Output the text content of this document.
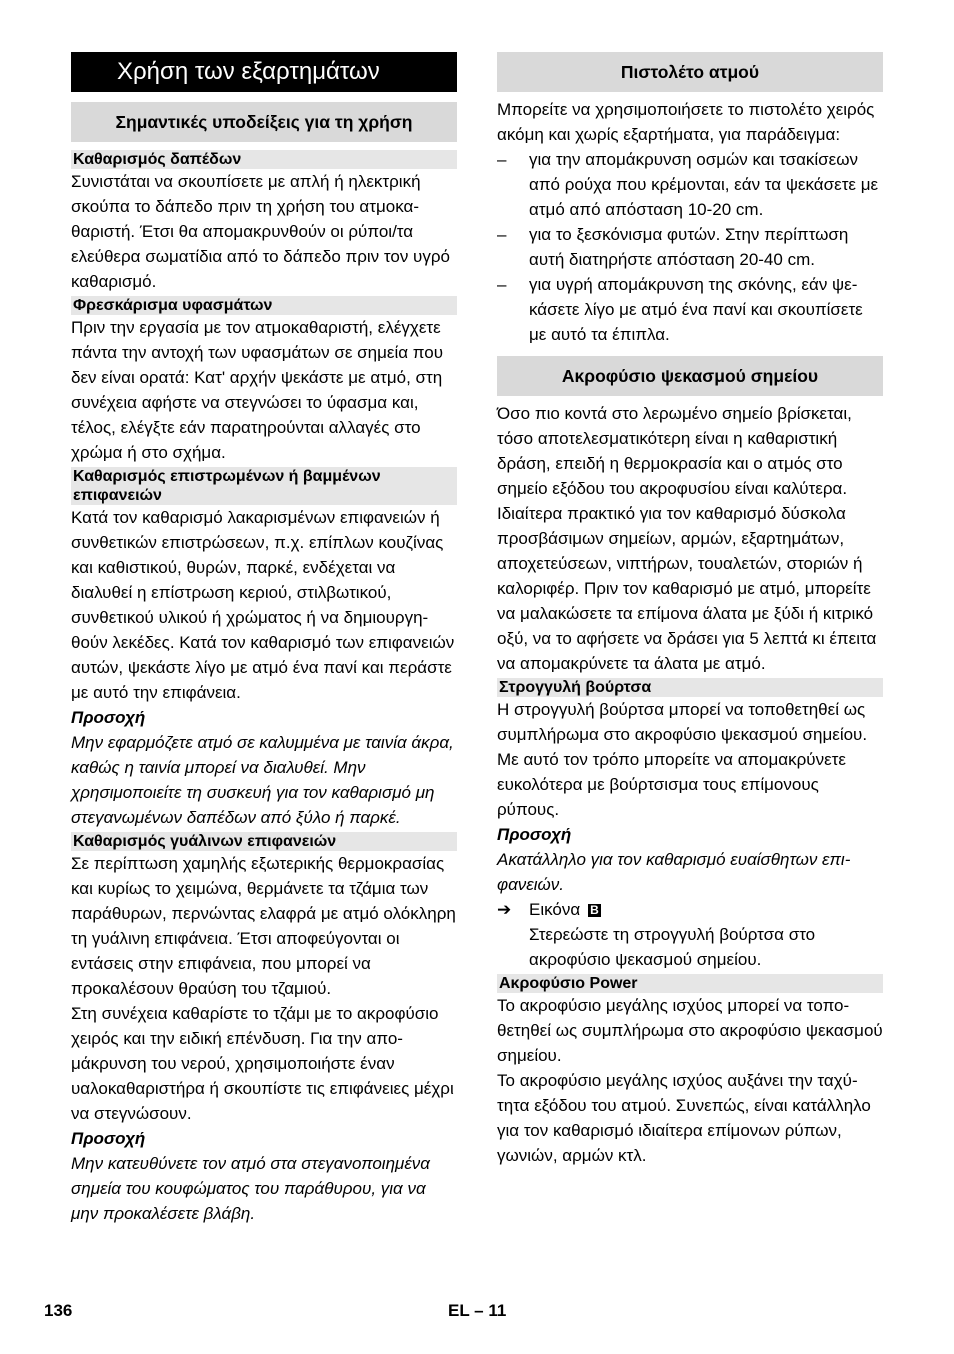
Χρήση των εξαρτημάτων
Σημαντικές υποδείξεις για τη χρήση
Καθαρισμός δαπέδων

Συνιστάται να σκουπίσετε με απλή ή ηλεκτρική σκούπα το δάπεδο πριν τη χρήση του ατμοκαθαριστή. Έτσι θα απομακρυνθούν οι ρύποι/τα ελεύθερα σωματίδια από το δάπεδο πριν τον υγρό καθαρισμό.

Φρεσκάρισμα υφασμάτων

Πριν την εργασία με τον ατμοκαθαριστή, ελέγχετε πάντα την αντοχή των υφασμάτων σε σημεία που δεν είναι ορατά: Κατ' αρχήν ψεκάστε με ατμό, στη συνέχεια αφήστε να στεγνώσει το ύφασμα και, τέλος, ελέγξτε εάν παρατηρούνται αλλαγές στο χρώμα ή στο σχήμα.

Καθαρισμός επιστρωμένων ή βαμμένων επιφανειών

Κατά τον καθαρισμό λακαρισμένων επιφανειών ή συνθετικών επιστρώσεων, π.χ. επίπλων κουζίνας και καθιστικού, θυρών, παρκέ, ενδέχεται να διαλυθεί η επίστρωση κεριού, στιλβωτικού, συνθετικού υλικού ή χρώματος ή να δημιουργηθούν λεκέδες. Κατά τον καθαρισμό των επιφανειών αυτών, ψεκάστε λίγο με ατμό ένα πανί και περάστε με αυτό την επιφάνεια.

Προσοχή

Μην εφαρμόζετε ατμό σε καλυμμένα με ταινία άκρα, καθώς η ταινία μπορεί να διαλυθεί. Μην χρησιμοποιείτε τη συσκευή για τον καθαρισμό μη στεγανωμένων δαπέδων από ξύλο ή παρκέ.

Καθαρισμός γυάλινων επιφανειών

Σε περίπτωση χαμηλής εξωτερικής θερμοκρασίας και κυρίως το χειμώνα, θερμάνετε τα τζάμια των παράθυρων, περνώντας ελαφρά με ατμό ολόκληρη τη γυάλινη επιφάνεια. Έτσι αποφεύγονται οι εντάσεις στην επιφάνεια, που μπορεί να προκαλέσουν θραύση του τζαμιού.

Στη συνέχεια καθαρίστε το τζάμι με το ακροφύσιο χειρός και την ειδική επένδυση. Για την απομάκρυνση του νερού, χρησιμοποιήστε έναν υαλοκαθαριστήρα ή σκουπίστε τις επιφάνειες μέχρι να στεγνώσουν.

Προσοχή

Μην κατευθύνετε τον ατμό στα στεγανοποιημένα σημεία του κουφώματος του παράθυρου, για να μην προκαλέσετε βλάβη.

Πιστολέτο ατμού

Μπορείτε να χρησιμοποιήσετε το πιστολέτο χειρός ακόμη και χωρίς εξαρτήματα, για παράδειγμα:

– για την απομάκρυνση οσμών και τσακίσεων από ρούχα που κρέμονται, εάν τα ψεκάσετε με ατμό από απόσταση 10-20 cm.
– για το ξεσκόνισμα φυτών. Στην περίπτωση αυτή διατηρήστε απόσταση 20-40 cm.
– για υγρή απομάκρυνση της σκόνης, εάν ψεκάσετε λίγο με ατμό ένα πανί και σκουπίσετε με αυτό τα έπιπλα.
Ακροφύσιο ψεκασμού σημείου

Όσο πιο κοντά στο λερωμένο σημείο βρίσκεται, τόσο αποτελεσματικότερη είναι η καθαριστική δράση, επειδή η θερμοκρασία και ο ατμός στο σημείο εξόδου του ακροφυσίου είναι καλύτερα. Ιδιαίτερα πρακτικό για τον καθαρισμό δύσκολα προσβάσιμων σημείων, αρμών, εξαρτημάτων, αποχετεύσεων, νιπτήρων, τουαλετών, στοριών ή καλοριφέρ. Πριν τον καθαρισμό με ατμό, μπορείτε να μαλακώσετε τα επίμονα άλατα με ξύδι ή κιτρικό οξύ, να το αφήσετε να δράσει για 5 λεπτά κι έπειτα να απομακρύνετε τα άλατα με ατμό.

Στρογγυλή βούρτσα

Η στρογγυλή βούρτσα μπορεί να τοποθετηθεί ως συμπλήρωμα στο ακροφύσιο ψεκασμού σημείου. Με αυτό τον τρόπο μπορείτε να απομακρύνετε ευκολότερα με βούρτσισμα τους επίμονους ρύπους.

Προσοχή

Ακατάλληλο για τον καθαρισμό ευαίσθητων επιφανειών.

➔ Εικόνα B
Στερεώστε τη στρογγυλή βούρτσα στο ακροφύσιο ψεκασμού σημείου.
Ακροφύσιο Power

Το ακροφύσιο μεγάλης ισχύος μπορεί να τοποθετηθεί ως συμπλήρωμα στο ακροφύσιο ψεκασμού σημείου.

Το ακροφύσιο μεγάλης ισχύος αυξάνει την ταχύτητα εξόδου του ατμού. Συνεπώς, είναι κατάλληλο για τον καθαρισμό ιδιαίτερα επίμονων ρύπων, γωνιών, αρμών κτλ.

136	EL – 11
